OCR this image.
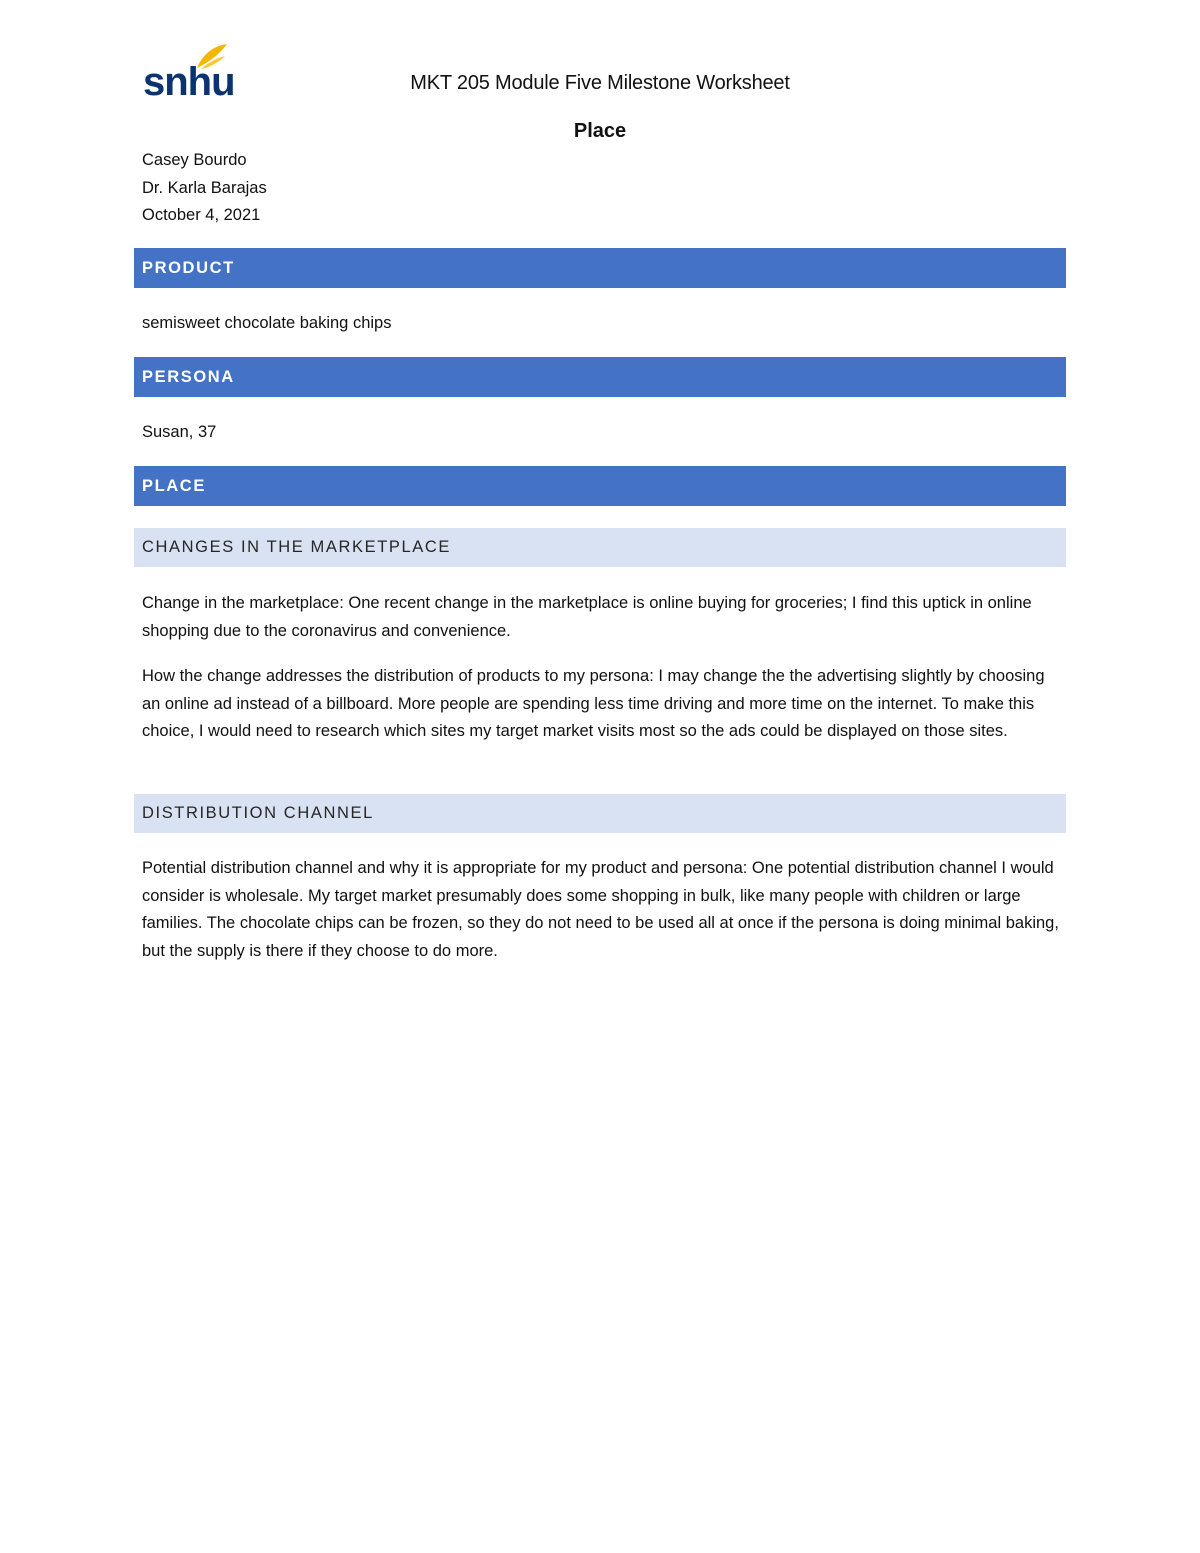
snhu	MKT 205 Module Five Milestone Worksheet
Place
Casey Bourdo
Dr. Karla Barajas
October 4, 2021
PRODUCT
semisweet chocolate baking chips
PERSONA
Susan, 37
PLACE
CHANGES IN THE MARKETPLACE
Change in the marketplace: One recent change in the marketplace is online buying for groceries; I find this uptick in online shopping due to the coronavirus and convenience.
How the change addresses the distribution of products to my persona: I may change the the advertising slightly by choosing an online ad instead of a billboard. More people are spending less time driving and more time on the internet. To make this choice, I would need to research which sites my target market visits most so the ads could be displayed on those sites.
DISTRIBUTION CHANNEL
Potential distribution channel and why it is appropriate for my product and persona: One potential distribution channel I would consider is wholesale. My target market presumably does some shopping in bulk, like many people with children or large families. The chocolate chips can be frozen, so they do not need to be used all at once if the persona is doing minimal baking, but the supply is there if they choose to do more.
